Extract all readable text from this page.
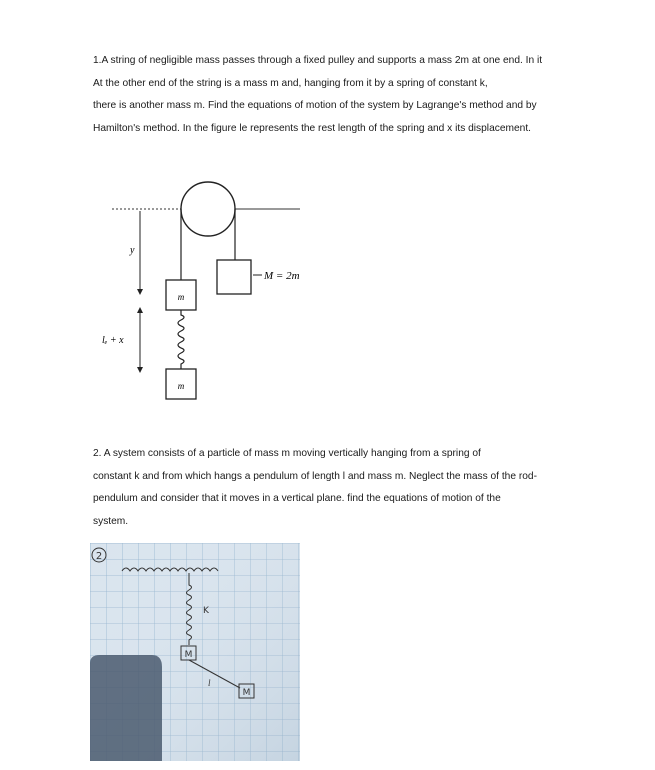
1.A string of negligible mass passes through a fixed pulley and supports a mass 2m at one end. In it
At the other end of the string is a mass m and, hanging from it by a spring of constant k,
there is another mass m. Find the equations of motion of the system by Lagrange's method and by
Hamilton's method. In the figure le represents the rest length of the spring and x its displacement.
M = 2m
m
m
y
lₑ + x
2. A system consists of a particle of mass m moving vertically hanging from a spring of
constant k and from which hangs a pendulum of length l and mass m. Neglect the mass of the rod-
pendulum and consider that it moves in a vertical plane. find the equations of motion of the
system.
2
K
M
l
M
